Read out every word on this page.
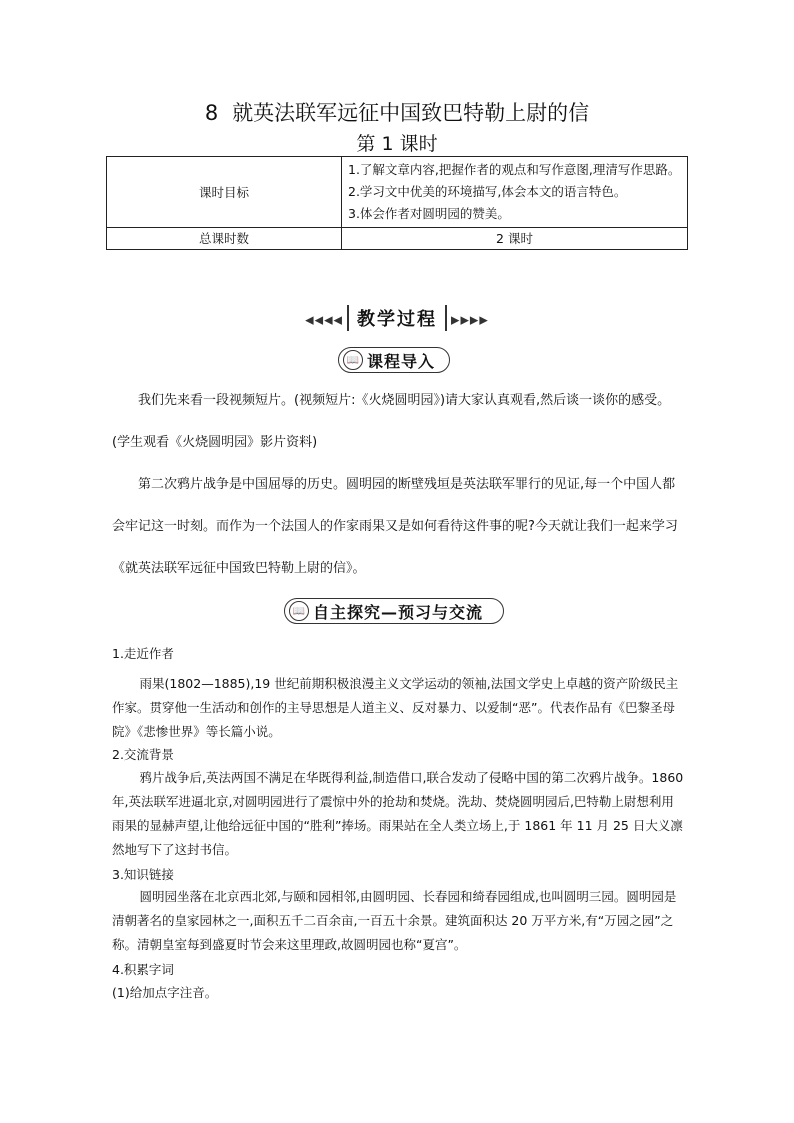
8 就英法联军远征中国致巴特勒上尉的信
第 1 课时
课时目标	1.了解文章内容,把握作者的观点和写作意图,理清写作思路。
2.学习文中优美的环境描写,体会本文的语言特色。
3.体会作者对圆明园的赞美。

总课时数	2 课时
◀◀◀◀ 教学过程 ▶▶▶▶
📖 课程导入
我们先来看一段视频短片。(视频短片:《火烧圆明园》)请大家认真观看,然后谈一谈你的感受。(学生观看《火烧圆明园》影片资料)
第二次鸦片战争是中国屈辱的历史。圆明园的断壁残垣是英法联军罪行的见证,每一个中国人都会牢记这一时刻。而作为一个法国人的作家雨果又是如何看待这件事的呢?今天就让我们一起来学习《就英法联军远征中国致巴特勒上尉的信》。
📖 自主探究—预习与交流
1.走近作者
雨果(1802—1885),19 世纪前期积极浪漫主义文学运动的领袖,法国文学史上卓越的资产阶级民主作家。贯穿他一生活动和创作的主导思想是人道主义、反对暴力、以爱制“恶”。代表作品有《巴黎圣母院》《悲惨世界》等长篇小说。
2.交流背景
鸦片战争后,英法两国不满足在华既得利益,制造借口,联合发动了侵略中国的第二次鸦片战争。1860 年,英法联军进逼北京,对圆明园进行了震惊中外的抢劫和焚烧。洗劫、焚烧圆明园后,巴特勒上尉想利用雨果的显赫声望,让他给远征中国的“胜利”捧场。雨果站在全人类立场上,于 1861 年 11 月 25 日大义凛然地写下了这封书信。
3.知识链接
圆明园坐落在北京西北郊,与颐和园相邻,由圆明园、长春园和绮春园组成,也叫圆明三园。圆明园是清朝著名的皇家园林之一,面积五千二百余亩,一百五十余景。建筑面积达 20 万平方米,有“万园之园”之称。清朝皇室每到盛夏时节会来这里理政,故圆明园也称“夏宫”。
4.积累字词
(1)给加点字注音。
